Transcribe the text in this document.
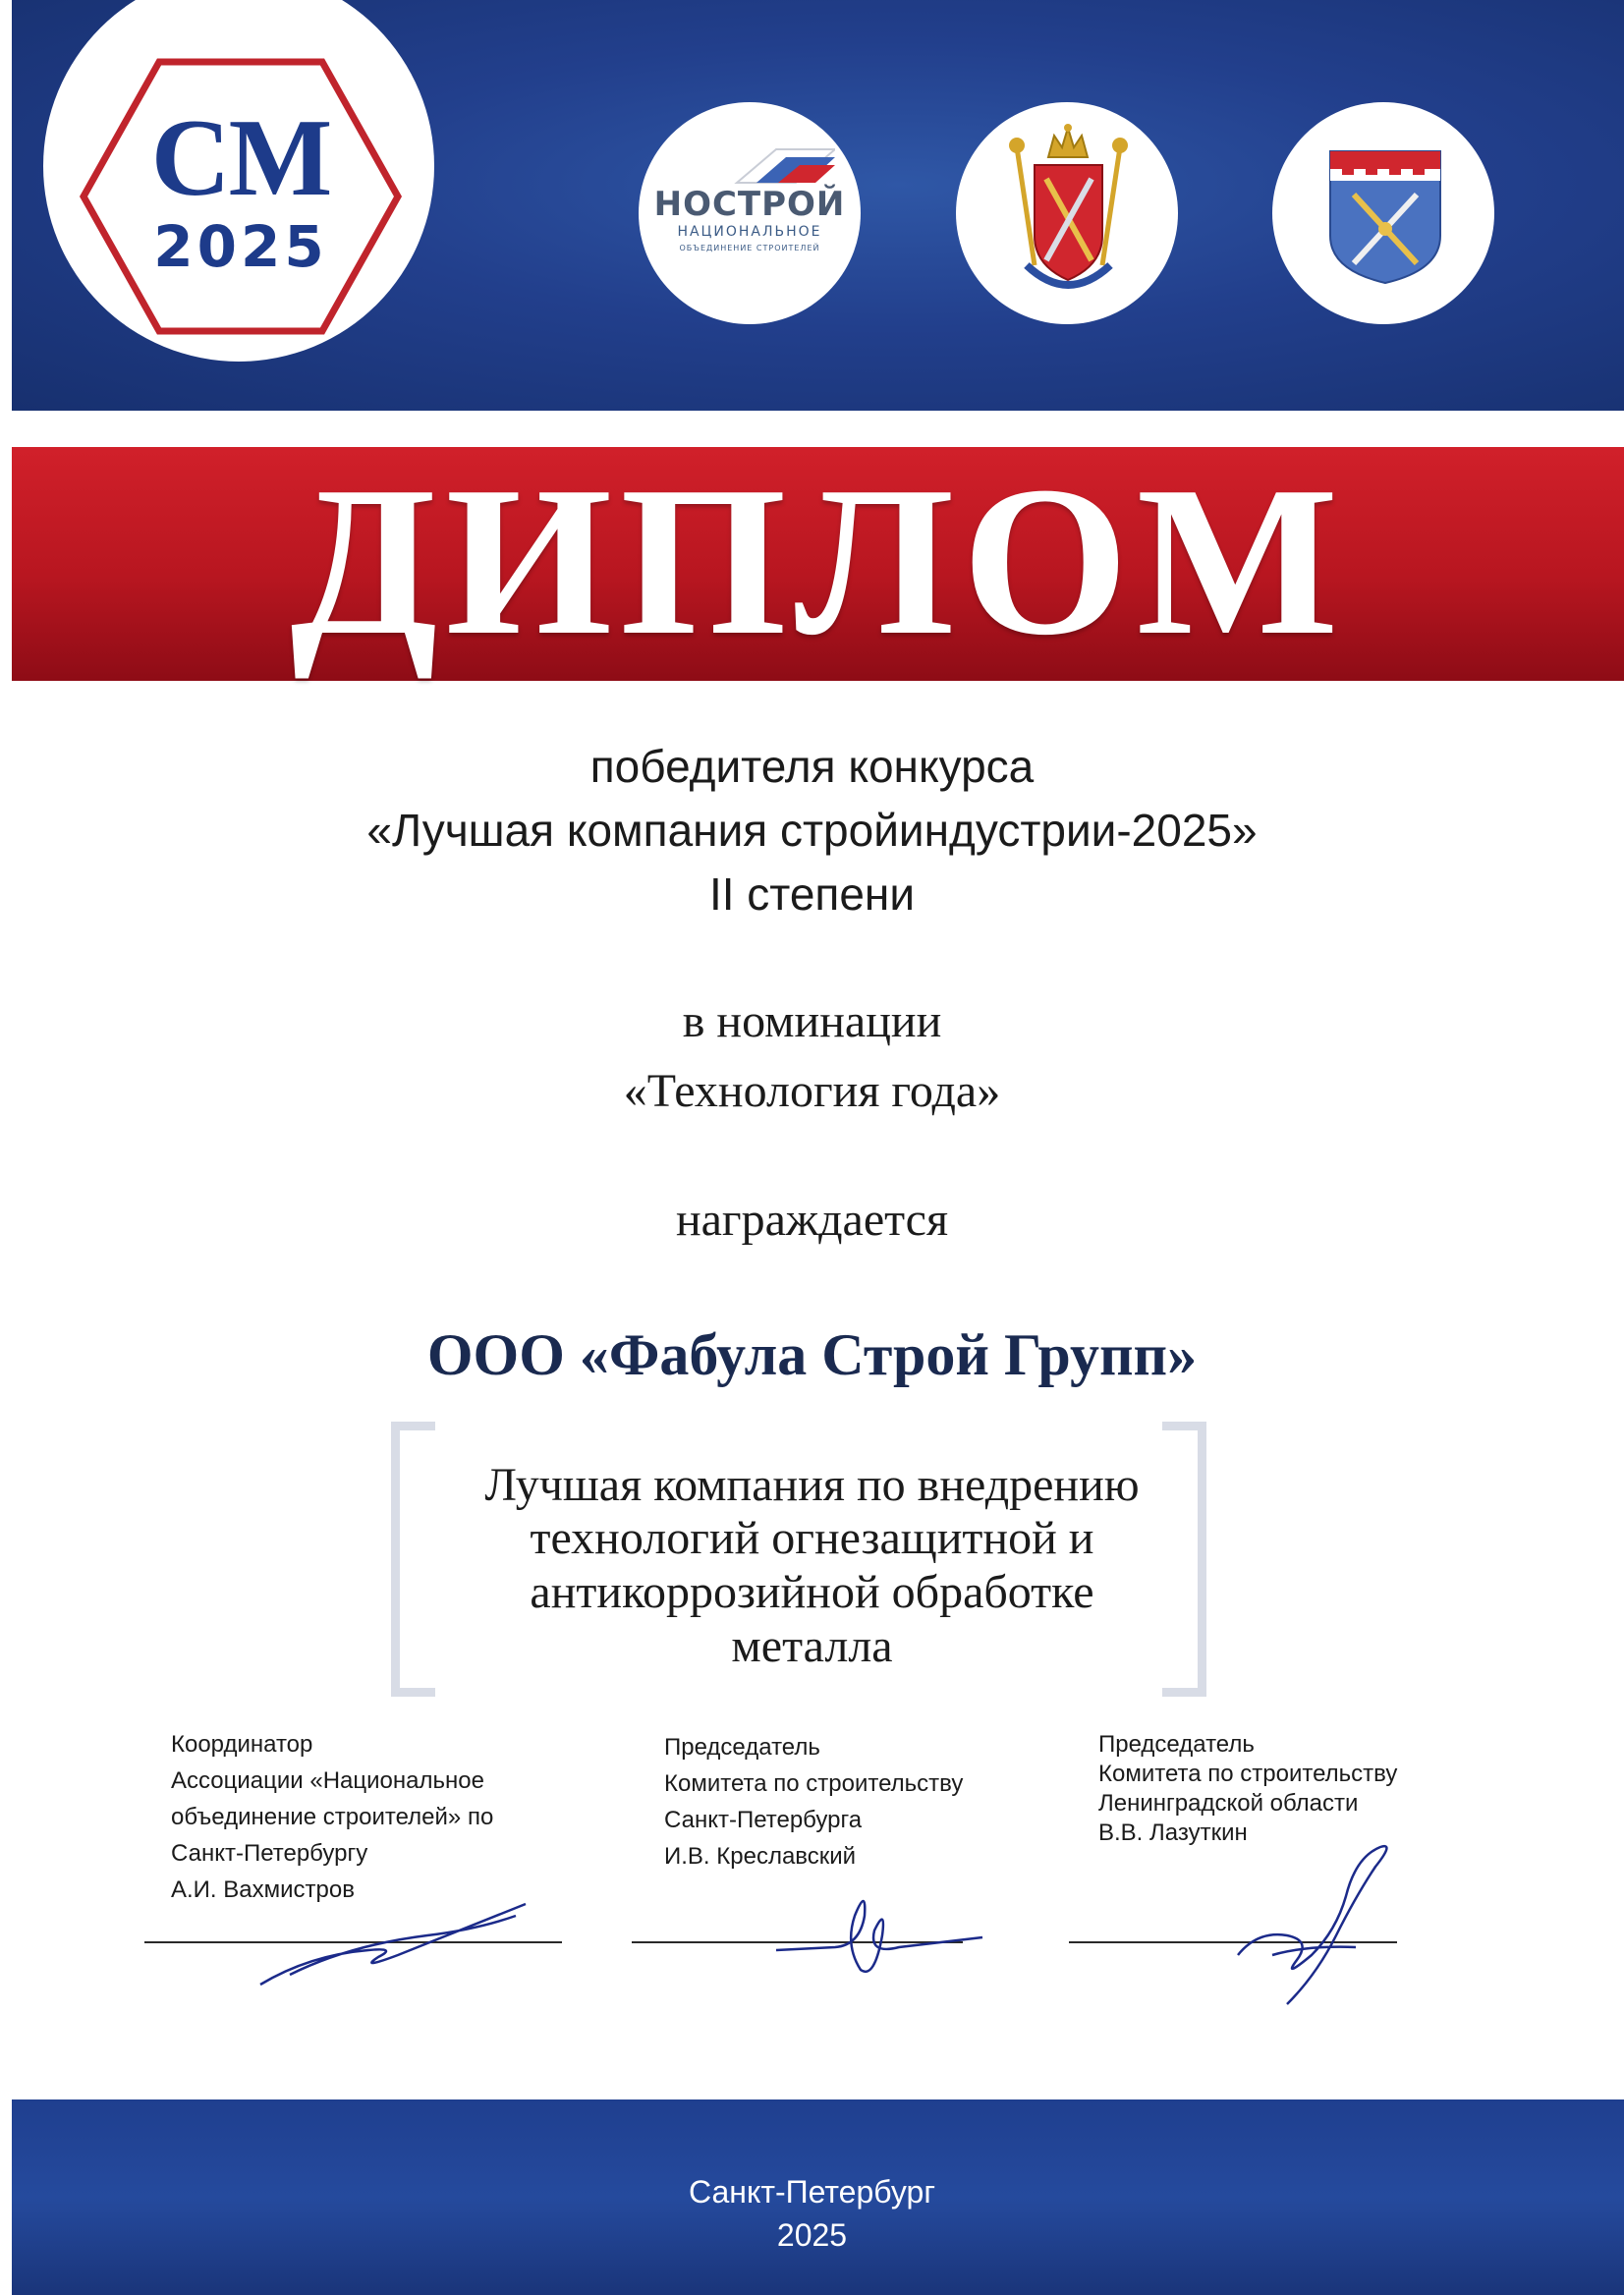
CM
2025
НОСТРОЙ
НАЦИОНАЛЬНОЕ
ОБЪЕДИНЕНИЕ СТРОИТЕЛЕЙ
ДИПЛОМ
победителя конкурса
«Лучшая компания стройиндустрии-2025»
II степени
в номинации
«Технология года»
награждается
ООО «Фабула Строй Групп»
Лучшая компания по внедрению
технологий огнезащитной и
антикоррозийной обработке
металла
Координатор
Ассоциации «Национальное
объединение строителей» по
Санкт-Петербургу
А.И. Вахмистров
Председатель
Комитета по строительству
Санкт-Петербурга
И.В. Креславский
Председатель
Комитета по строительству
Ленинградской области
В.В. Лазуткин
Санкт-Петербург
2025
